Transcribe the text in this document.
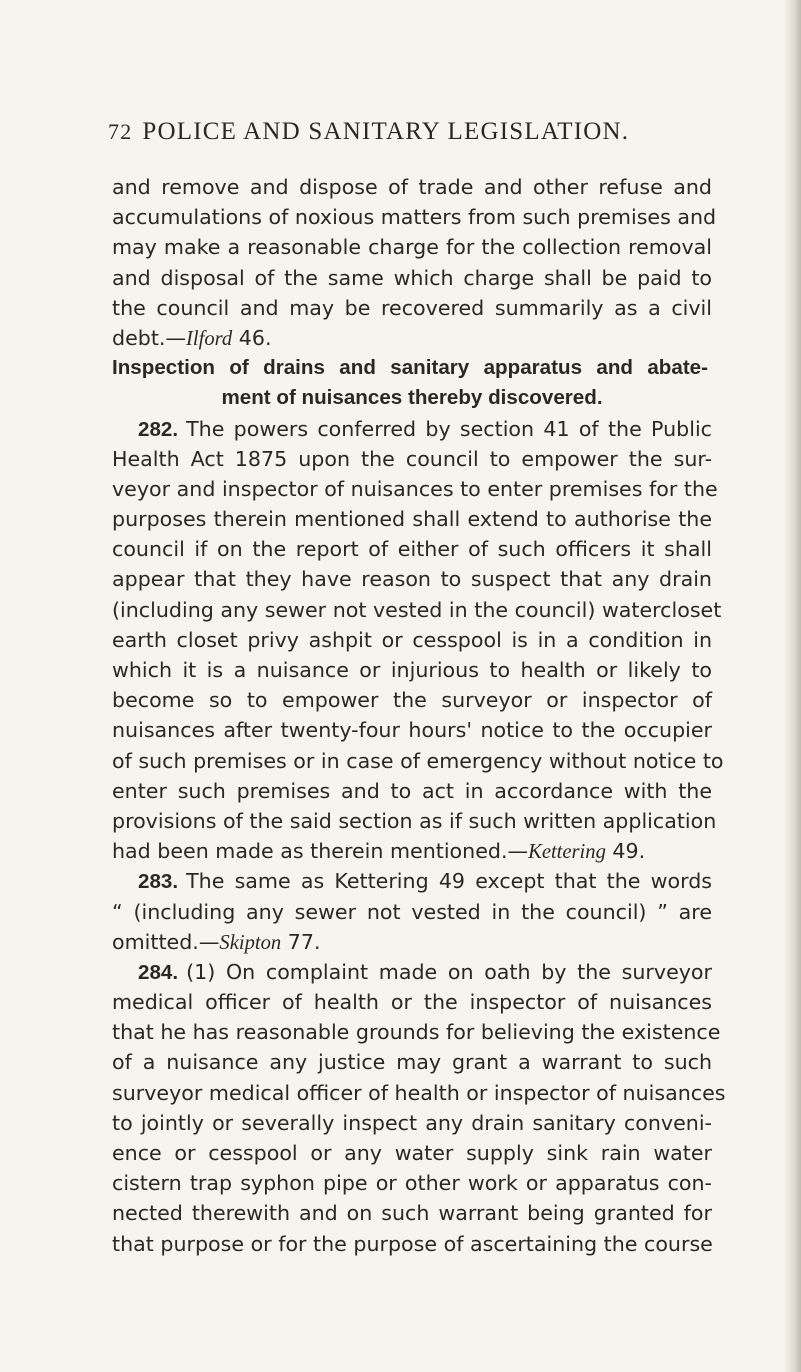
72 POLICE AND SANITARY LEGISLATION.
and remove and dispose of trade and other refuse and
accumulations of noxious matters from such premises and
may make a reasonable charge for the collection removal
and disposal of the same which charge shall be paid to
the council and may be recovered summarily as a civil
debt.—Ilford 46.
Inspection of drains and sanitary apparatus and abate-
ment of nuisances thereby discovered.
282. The powers conferred by section 41 of the Public
Health Act 1875 upon the council to empower the sur-
veyor and inspector of nuisances to enter premises for the
purposes therein mentioned shall extend to authorise the
council if on the report of either of such officers it shall
appear that they have reason to suspect that any drain
(including any sewer not vested in the council) watercloset
earth closet privy ashpit or cesspool is in a condition in
which it is a nuisance or injurious to health or likely to
become so to empower the surveyor or inspector of
nuisances after twenty-four hours' notice to the occupier
of such premises or in case of emergency without notice to
enter such premises and to act in accordance with the
provisions of the said section as if such written application
had been made as therein mentioned.—Kettering 49.
283. The same as Kettering 49 except that the words
“ (including any sewer not vested in the council) ” are
omitted.—Skipton 77.
284. (1) On complaint made on oath by the surveyor
medical officer of health or the inspector of nuisances
that he has reasonable grounds for believing the existence
of a nuisance any justice may grant a warrant to such
surveyor medical officer of health or inspector of nuisances
to jointly or severally inspect any drain sanitary conveni-
ence or cesspool or any water supply sink rain water
cistern trap syphon pipe or other work or apparatus con-
nected therewith and on such warrant being granted for
that purpose or for the purpose of ascertaining the course
